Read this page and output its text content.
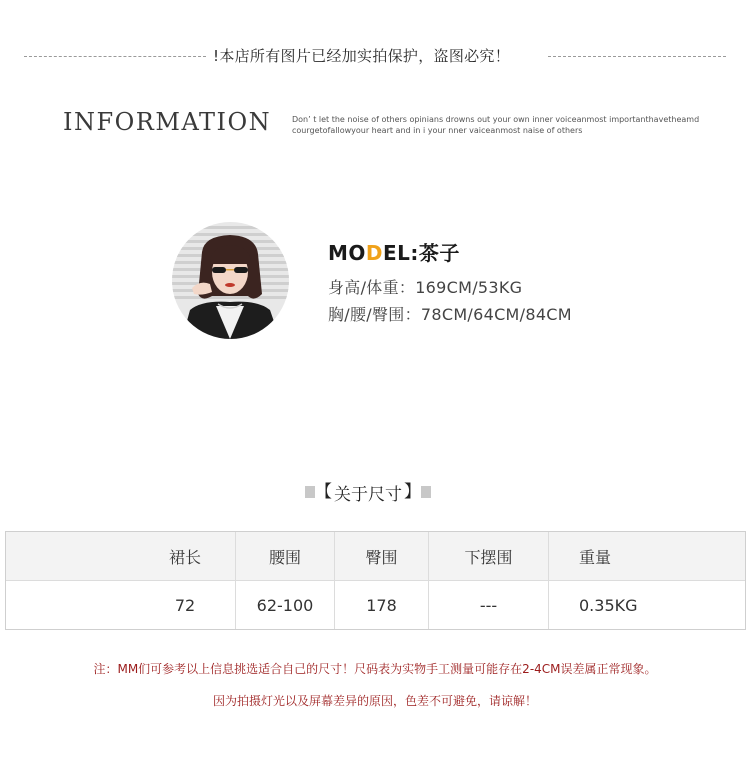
!本店所有图片已经加实拍保护，盗图必究！
INFORMATION	Don’ t let the noise of others opinians drowns out your own inner voiceanmost importanthavetheamd
courgetofallowyour heart and in i your nner vaiceanmost naise of others
MODEL:茶子
身高/体重：169CM/53KG
胸/腰/臀围：78CM/64CM/84CM
【 关于尺寸 】
裙长	腰围	臀围	下摆围	重量
72	62-100	178	---	0.35KG
注：MM们可参考以上信息挑选适合自己的尺寸！尺码表为实物手工测量可能存在2-4CM误差属正常现象。
因为拍摄灯光以及屏幕差异的原因，色差不可避免，请谅解！
